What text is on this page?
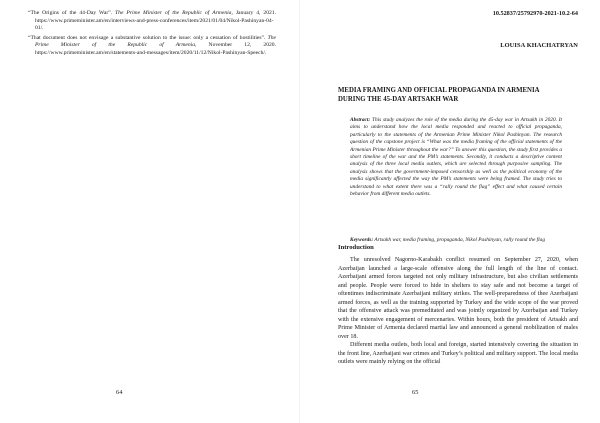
“The Origins of the 44-Day War”. The Prime Minister of the Republic of Armenia, January 4, 2021. https://www.primeminister.am/en/interviews-and-press-conferences/item/2021/01/04/Nikol-Pashinyan-04-01/.

“That document does not envisage a substantive solution to the issue: only a cessation of hostilities”. The Prime Minister of the Republic of Armenia, November 12, 2020. https://www.primeminister.am/en/statements-and-messages/item/2020/11/12/Nikol-Pashinyan-Speech/.

64
10.52837/25792970-2021-10.2-64
LOUISA KHACHATRYAN
MEDIA FRAMING AND OFFICIAL PROPAGANDA IN ARMENIA
DURING THE 45-DAY ARTSAKH WAR

Abstract: This study analyzes the role of the media during the 45-day war in Artsakh in 2020. It aims to understand how the local media responded and reacted to official propaganda, particularly to the statements of the Armenian Prime Minister Nikol Pashinyan. The research question of the capstone project is “What was the media framing of the official statements of the Armenian Prime Minister throughout the war?” To answer this question, the study first provides a short timeline of the war and the PM’s statements. Secondly, it conducts a descriptive content analysis of the three local media outlets, which are selected through purposive sampling. The analysis shows that the government-imposed censorship as well as the political economy of the media significantly affected the way the PM’s statements were being framed. The study tries to understand to what extent there was a “rally round the flag” effect and what caused certain behavior from different media outlets.

Keywords: Artsakh war, media framing, propaganda, Nikol Pashinyan, rally round the flag

Introduction

The unresolved Nagorno-Karabakh conflict resumed on September 27, 2020, when Azerbaijan launched a large-scale offensive along the full length of the line of contact. Azerbaijani armed forces targeted not only military infrastructure, but also civilian settlements and people. People were forced to hide in shelters to stay safe and not become a target of oftentimes indiscriminate Azerbaijani military strikes. The well-preparedness of thee Azerbaijani armed forces, as well as the training supported by Turkey and the wide scope of the war proved that the offensive attack was premeditated and was jointly organized by Azerbaijan and Turkey with the extensive engagement of mercenaries. Within hours, both the president of Artsakh and Prime Minister of Armenia declared martial law and announced a general mobilization of males over 18.

Different media outlets, both local and foreign, started intensively covering the situation in the front line, Azerbaijani war crimes and Turkey’s political and military support. The local media outlets were mainly relying on the official

65
